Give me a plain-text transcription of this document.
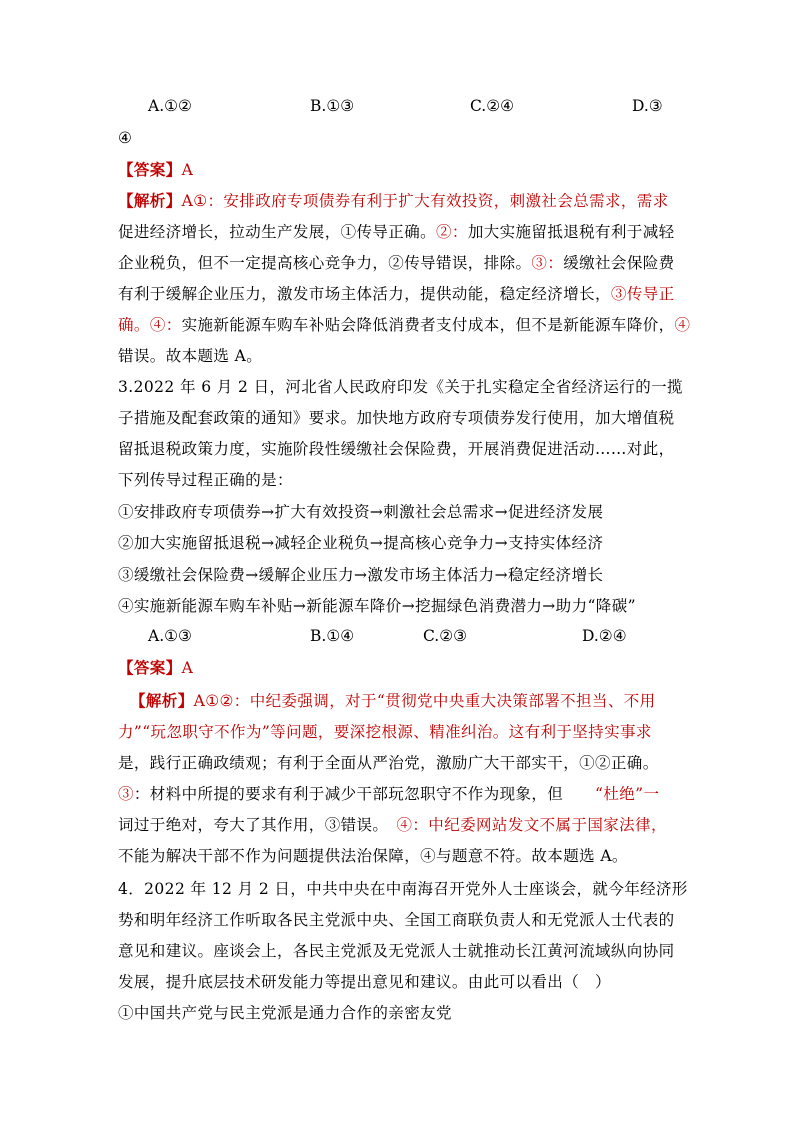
A.①②	B.①③	C.②④	D.③
④
【答案】A
【解析】A①：安排政府专项债券有利于扩大有效投资，刺激社会总需求，需求
促进经济增长，拉动生产发展，①传导正确。②：加大实施留抵退税有利于减轻
企业税负，但不一定提高核心竞争力，②传导错误，排除。③：缓缴社会保险费
有利于缓解企业压力，激发市场主体活力，提供动能，稳定经济增长，③传导正
确。④：实施新能源车购车补贴会降低消费者支付成本，但不是新能源车降价，④
错误。故本题选 A。
3.2022 年 6 月 2 日，河北省人民政府印发《关于扎实稳定全省经济运行的一揽
子措施及配套政策的通知》要求。加快地方政府专项债券发行使用，加大增值税
留抵退税政策力度，实施阶段性缓缴社会保险费，开展消费促进活动……对此，
下列传导过程正确的是：
①安排政府专项债券→扩大有效投资→刺激社会总需求→促进经济发展
②加大实施留抵退税→减轻企业税负→提高核心竞争力→支持实体经济
③缓缴社会保险费→缓解企业压力→激发市场主体活力→稳定经济增长
④实施新能源车购车补贴→新能源车降价→挖掘绿色消费潜力→助力“降碳”
A.①③	B.①④	C.②③	D.②④
【答案】A
【解析】A①②：中纪委强调，对于“贯彻党中央重大决策部署不担当、不用
力”“玩忽职守不作为”等问题，要深挖根源、精准纠治。这有利于坚持实事求
是，践行正确政绩观；有利于全面从严治党，激励广大干部实干，①②正确。
③：材料中所提的要求有利于减少干部玩忽职守不作为现象，但　　 “杜绝”一
词过于绝对，夸大了其作用，③错误。　 ④：中纪委网站发文不属于国家法律，
不能为解决干部不作为问题提供法治保障，④与题意不符。故本题选 A。
4．2022 年 12 月 2 日，中共中央在中南海召开党外人士座谈会，就今年经济形
势和明年经济工作听取各民主党派中央、全国工商联负责人和无党派人士代表的
意见和建议。座谈会上，各民主党派及无党派人士就推动长江黄河流域纵向协同
发展，提升底层技术研发能力等提出意见和建议。由此可以看出（　）
①中国共产党与民主党派是通力合作的亲密友党
